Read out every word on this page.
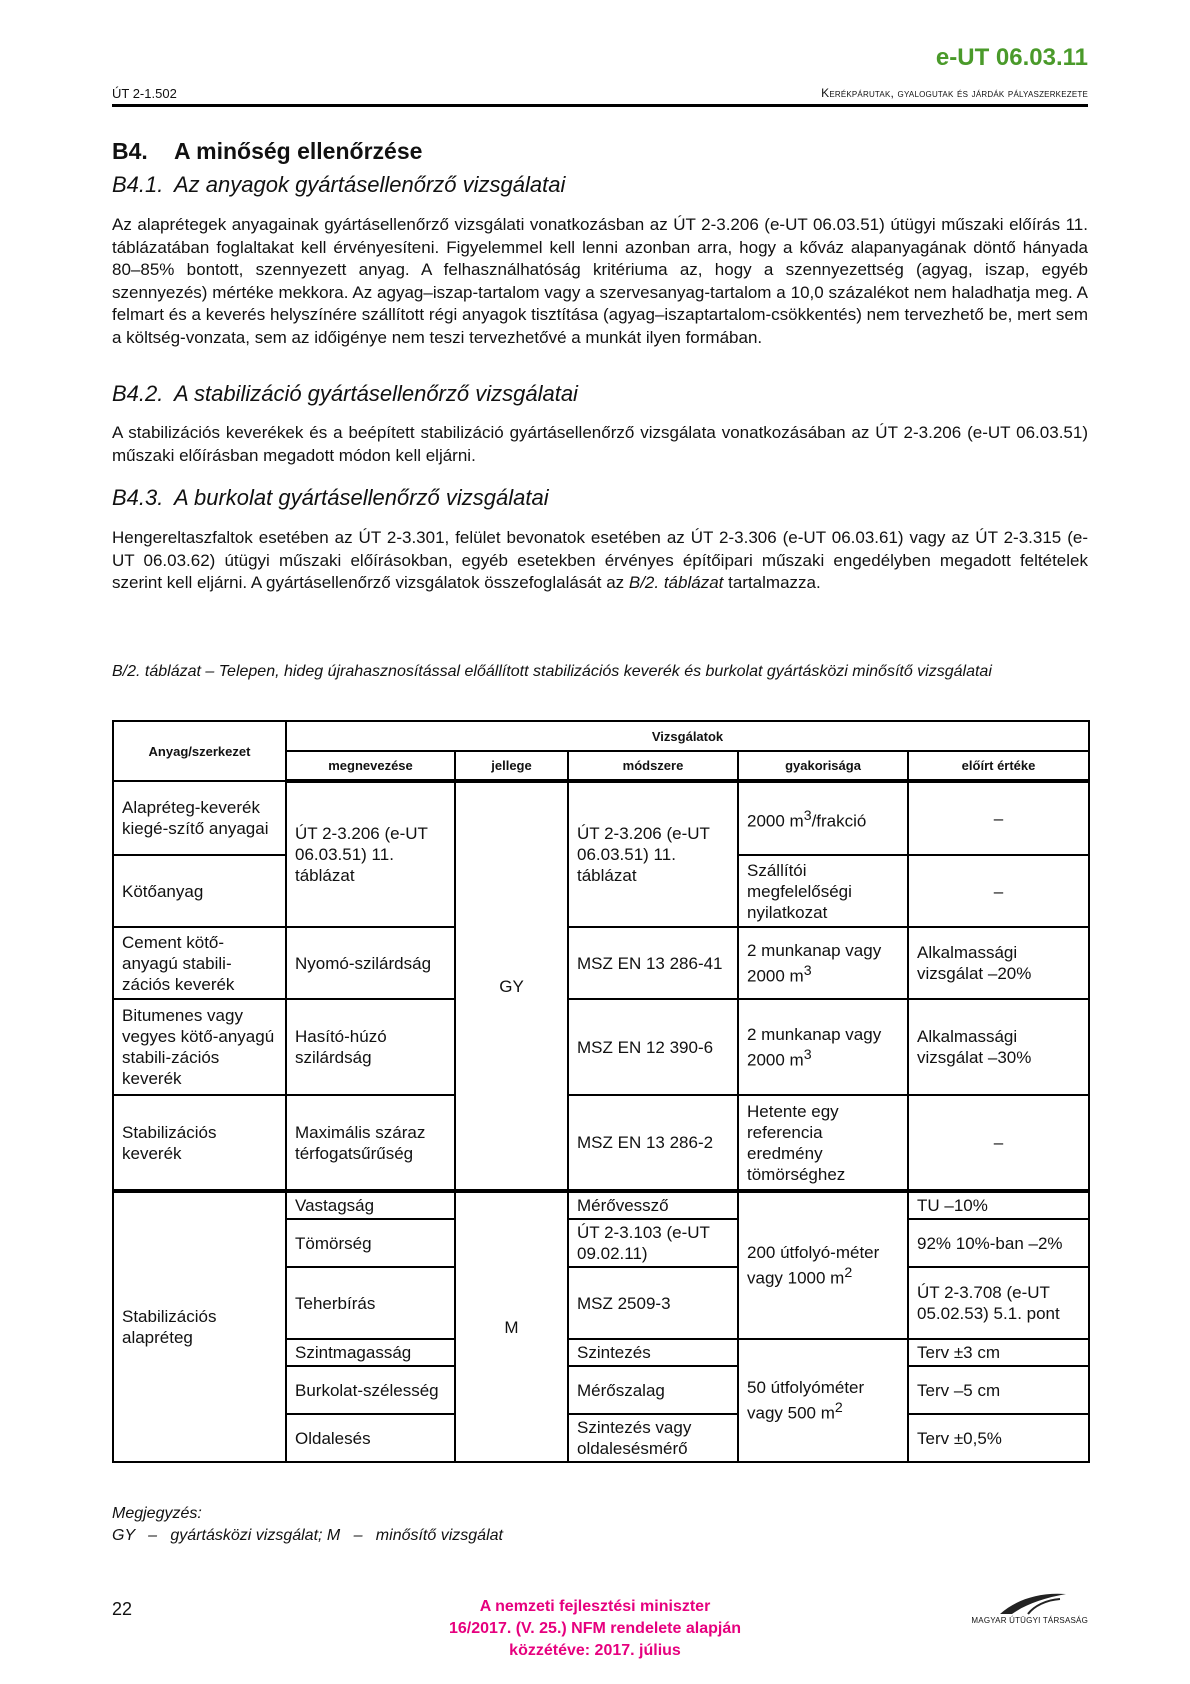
e-UT 06.03.11
ÚT 2-1.502	Kerékpárutak, gyalogutak és járdák pályaszerkezete
B4. A minőség ellenőrzése
B4.1. Az anyagok gyártásellenőrző vizsgálatai

Az alaprétegek anyagainak gyártásellenőrző vizsgálati vonatkozásban az ÚT 2-3.206 (e-UT 06.03.51) útügyi műszaki előírás 11. táblázatában foglaltakat kell érvényesíteni. Figyelemmel kell lenni azonban arra, hogy a kőváz alapanyagának döntő hányada 80–85% bontott, szennyezett anyag. A felhasználhatóság kritériuma az, hogy a szennyezettség (agyag, iszap, egyéb szennyezés) mértéke mekkora. Az agyag–iszap-tartalom vagy a szervesanyag-tartalom a 10,0 százalékot nem haladhatja meg. A felmart és a keverés helyszínére szállított régi anyagok tisztítása (agyag–iszaptartalom-csökkentés) nem tervezhető be, mert sem a költség-vonzata, sem az időigénye nem teszi tervezhetővé a munkát ilyen formában.

B4.2. A stabilizáció gyártásellenőrző vizsgálatai

A stabilizációs keverékek és a beépített stabilizáció gyártásellenőrző vizsgálata vonatkozásában az ÚT 2-3.206 (e-UT 06.03.51) műszaki előírásban megadott módon kell eljárni.

B4.3. A burkolat gyártásellenőrző vizsgálatai

Hengereltaszfaltok esetében az ÚT 2-3.301, felület bevonatok esetében az ÚT 2-3.306 (e-UT 06.03.61) vagy az ÚT 2-3.315 (e-UT 06.03.62) útügyi műszaki előírásokban, egyéb esetekben érvényes építőipari műszaki engedélyben megadott feltételek szerint kell eljárni. A gyártásellenőrző vizsgálatok összefoglalását az B/2. táblázat tartalmazza.

B/2. táblázat – Telepen, hideg újrahasznosítással előállított stabilizációs keverék és burkolat gyártásközi minősítő vizsgálatai
Anyag/szerkezet	Vizsgálatok				
	megnevezése	jellege	módszere	gyakorisága	előírt értéke
Alapréteg-keverék kiegé-szítő anyagai	ÚT 2-3.206 (e-UT 06.03.51) 11. táblázat	GY	ÚT 2-3.206 (e-UT 06.03.51) 11. táblázat	2000 $m^3$/frakció	–
Kötőanyag				Szállítói megfelelőségi nyilatkozat	–
Cement kötő-anyagú stabili-zációs keverék	Nyomó-szilárdság		MSZ EN 13 286-41	2 munkanap vagy 2000 $m^3$	Alkalmassági vizsgálat –20%
Bitumenes vagy vegyes kötő-anyagú stabili-zációs keverék	Hasító-húzó szilárdság		MSZ EN 12 390-6	2 munkanap vagy 2000 $m^3$	Alkalmassági vizsgálat –30%
Stabilizációs keverék	Maximális száraz térfogatsűrűség		MSZ EN 13 286-2	Hetente egy referencia eredmény tömörséghez	–
Stabilizációs alapréteg	Vastagság	M	Mérővessző	200 útfolyó-méter vagy 1000 $m^2$	TU –10%
	Tömörség		ÚT 2-3.103 (e-UT 09.02.11)		92% 10%-ban –2%
	Teherbírás		MSZ 2509-3		ÚT 2-3.708 (e-UT 05.02.53) 5.1. pont
	Szintmagasság		Szintezés	50 útfolyóméter vagy 500 $m^2$	Terv ±3 cm
	Burkolat-szélesség		Mérőszalag		Terv –5 cm
	Oldalesés		Szintezés vagy oldalesésmérő		Terv ±0,5%
Megjegyzés:
GY   –   gyártásközi vizsgálat; M   –   minősítő vizsgálat
22	A nemzeti fejlesztési miniszter
16/2017. (V. 25.) NFM rendelete alapján
közzétéve: 2017. július
MAGYAR ÚTÜGYI TÁRSASÁG
